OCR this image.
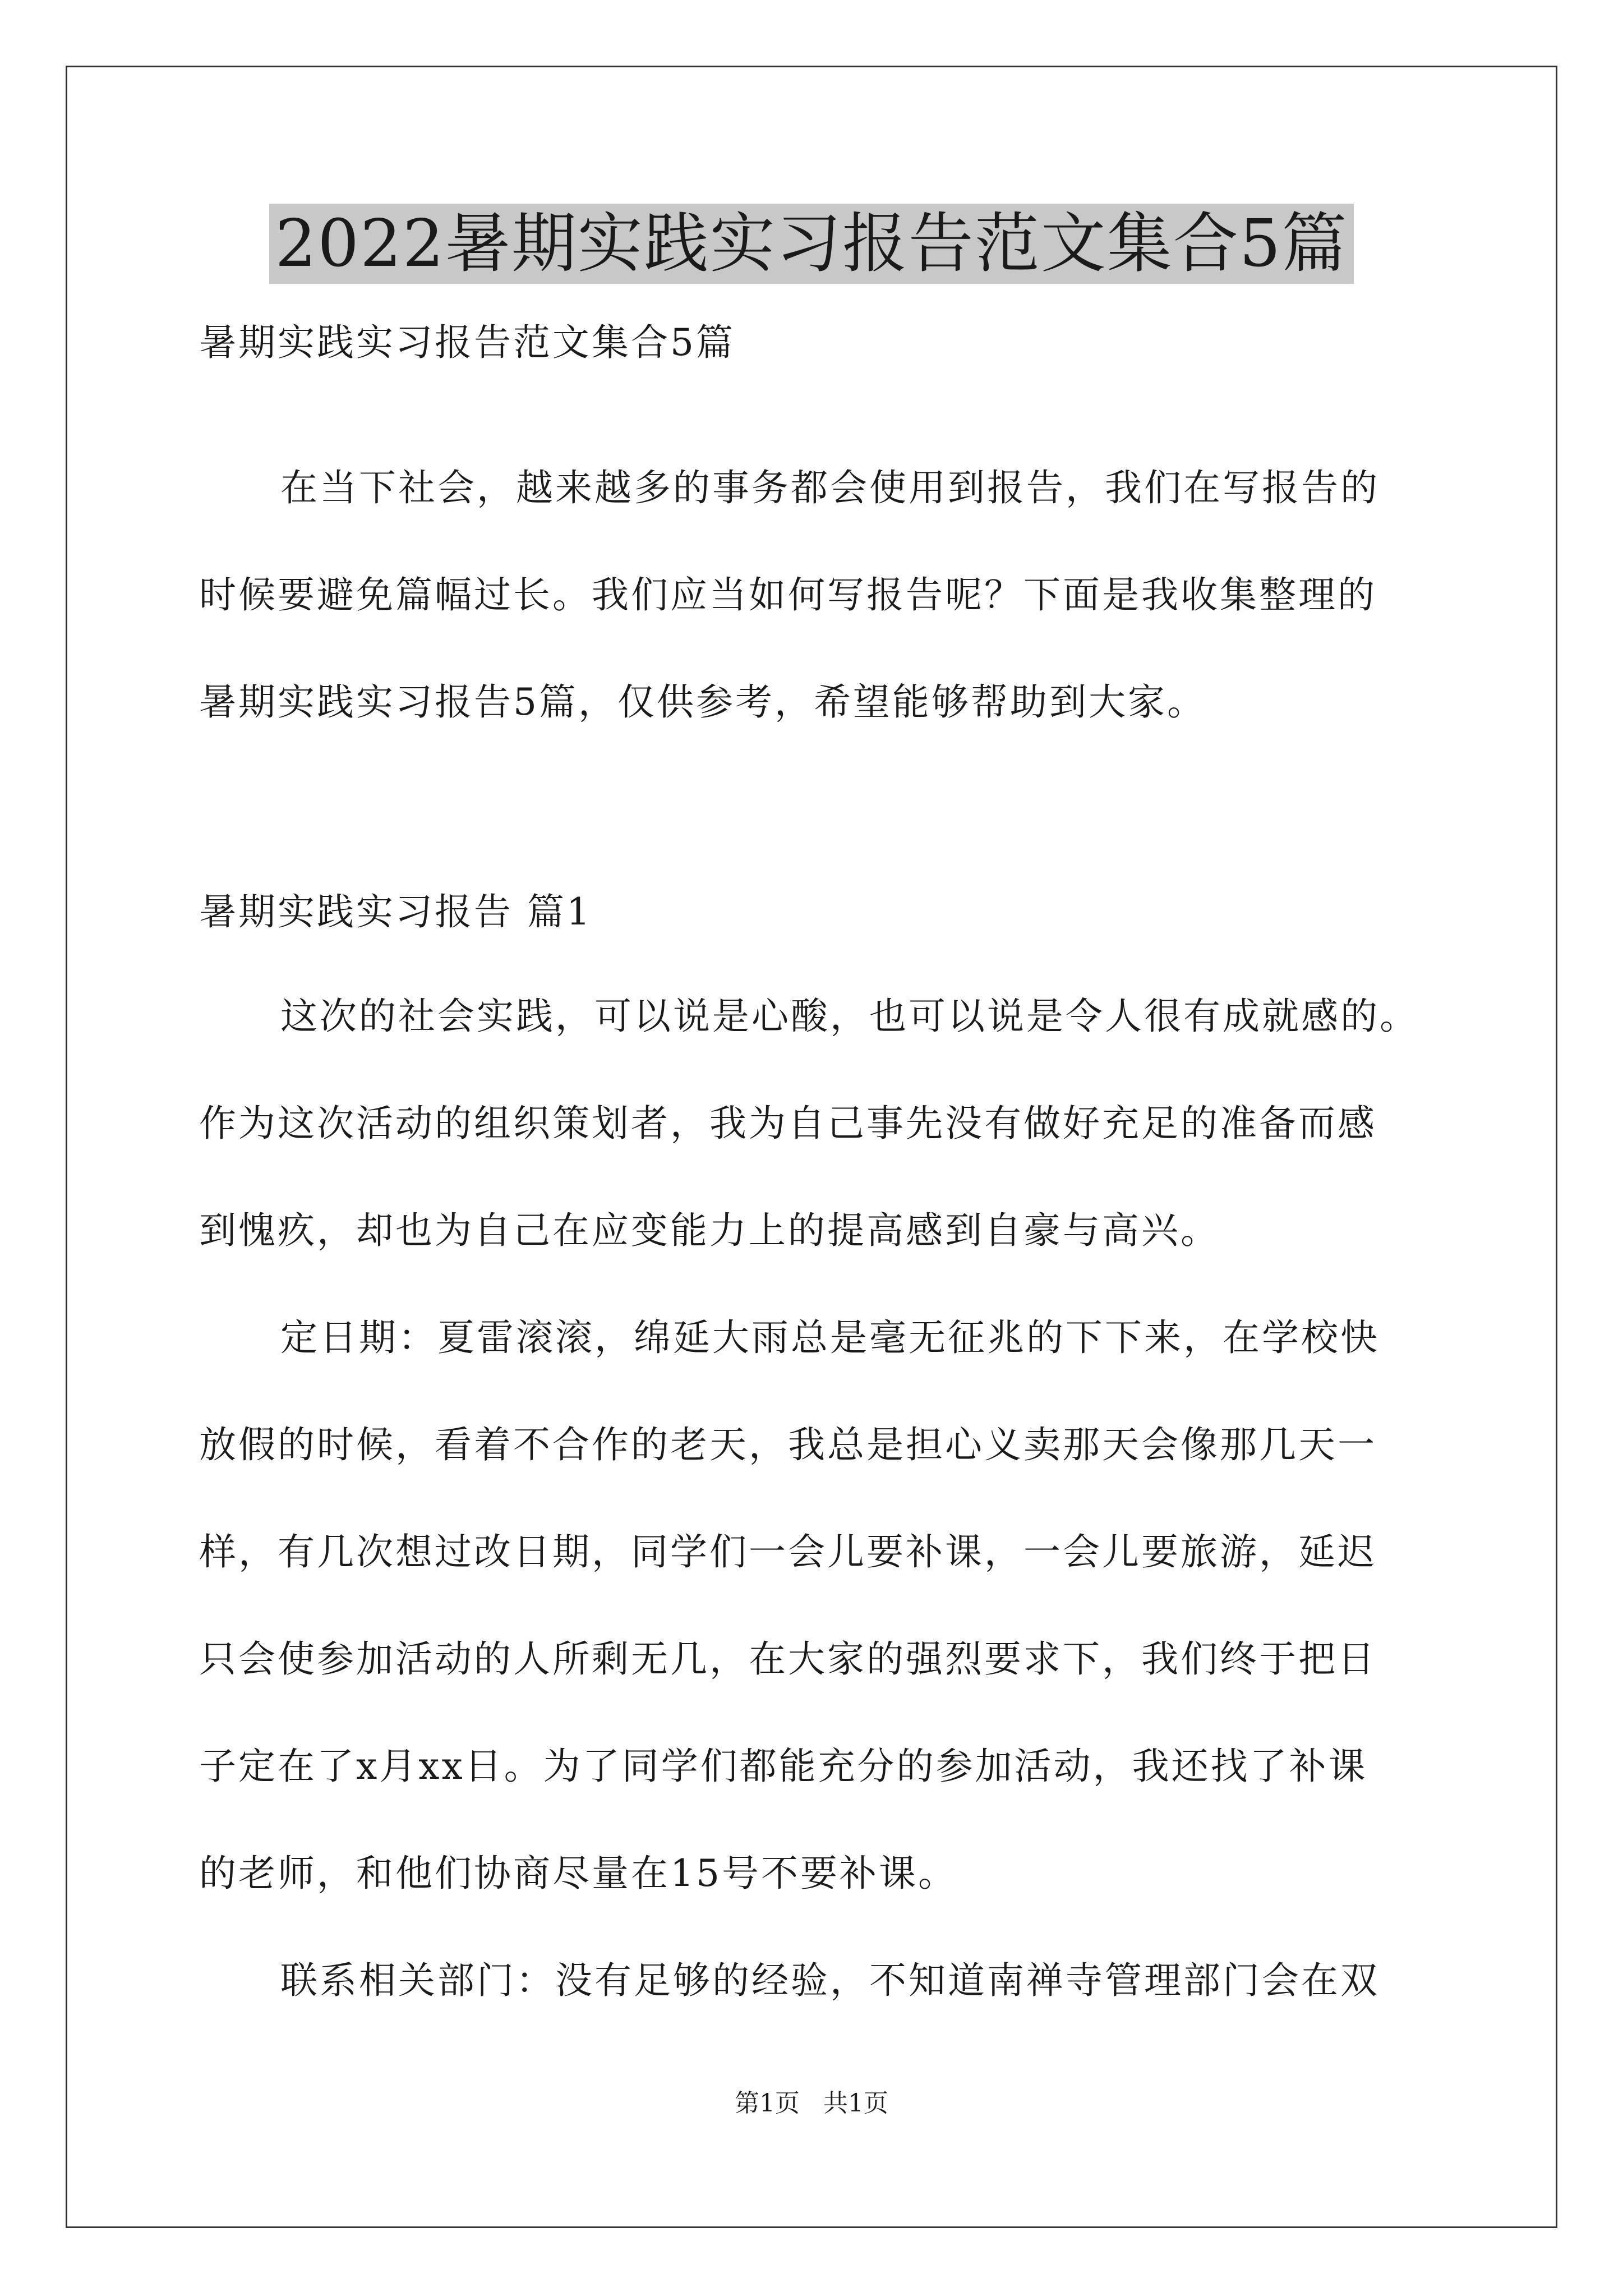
2022暑期实践实习报告范文集合5篇

暑期实践实习报告范文集合5篇

在当下社会，越来越多的事务都会使用到报告，我们在写报告的

时候要避免篇幅过长。我们应当如何写报告呢？下面是我收集整理的

暑期实践实习报告5篇，仅供参考，希望能够帮助到大家。

暑期实践实习报告 篇1

这次的社会实践，可以说是心酸，也可以说是令人很有成就感的。

作为这次活动的组织策划者，我为自己事先没有做好充足的准备而感

到愧疚，却也为自己在应变能力上的提高感到自豪与高兴。

定日期：夏雷滚滚，绵延大雨总是毫无征兆的下下来，在学校快

放假的时候，看着不合作的老天，我总是担心义卖那天会像那几天一

样，有几次想过改日期，同学们一会儿要补课，一会儿要旅游，延迟

只会使参加活动的人所剩无几，在大家的强烈要求下，我们终于把日

子定在了x月xx日。为了同学们都能充分的参加活动，我还找了补课

的老师，和他们协商尽量在15号不要补课。

联系相关部门：没有足够的经验，不知道南禅寺管理部门会在双

第1页   共1页
